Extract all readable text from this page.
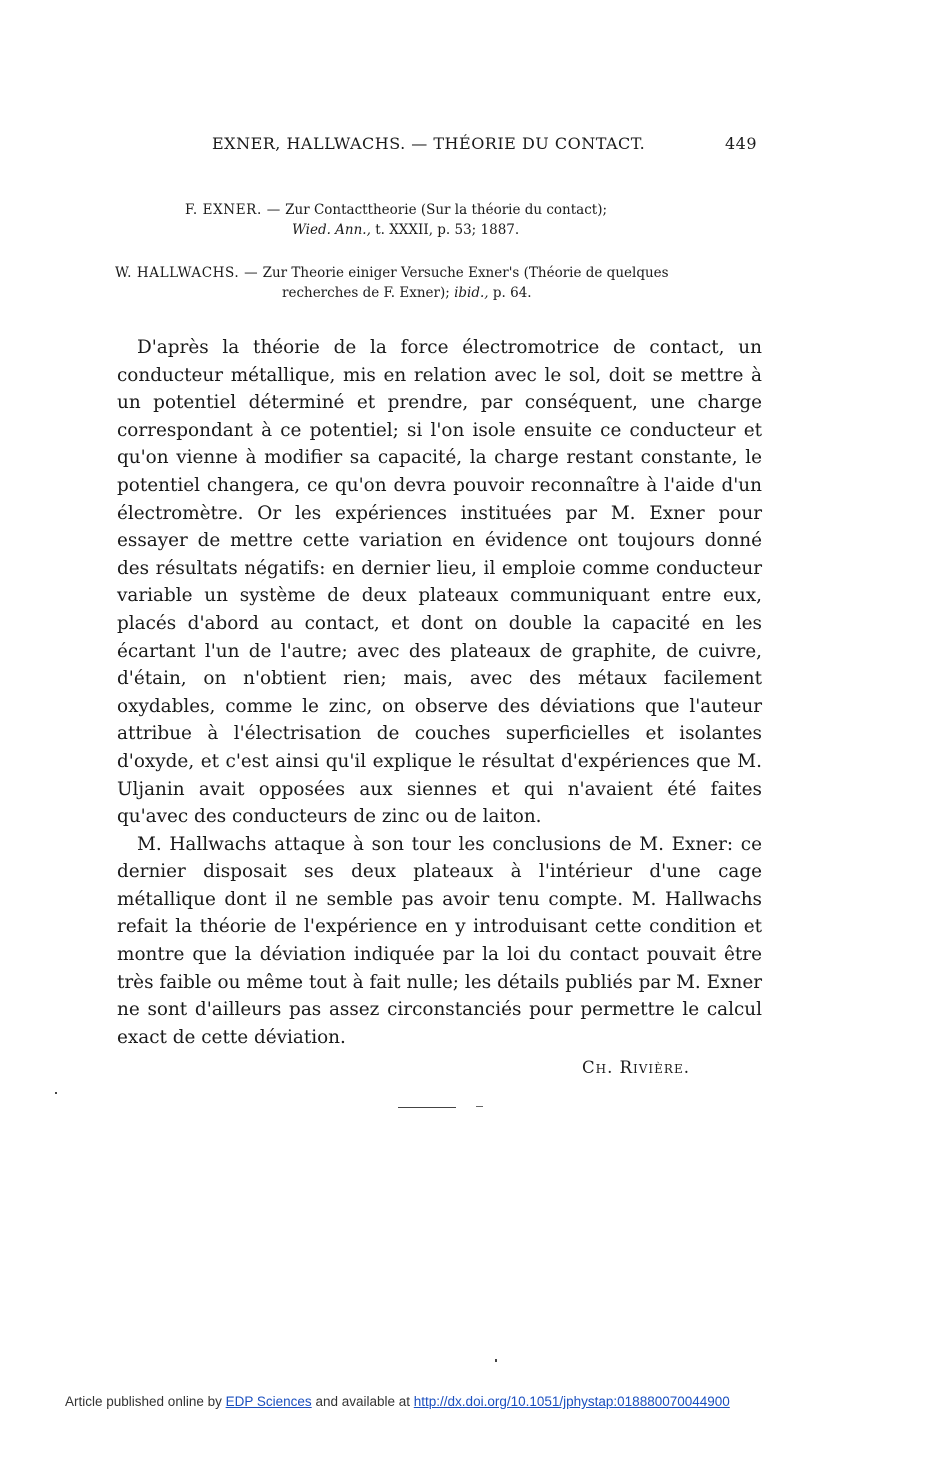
EXNER, HALLWACHS. — THÉORIE DU CONTACT.	449
F. EXNER. — Zur Contacttheorie (Sur la théorie du contact);
Wied. Ann., t. XXXII, p. 53; 1887.
W. HALLWACHS. — Zur Theorie einiger Versuche Exner's (Théorie de quelques
recherches de F. Exner); ibid., p. 64.

D'après la théorie de la force électromotrice de contact, un conducteur métallique, mis en relation avec le sol, doit se mettre à un potentiel déterminé et prendre, par conséquent, une charge correspondant à ce potentiel; si l'on isole ensuite ce conducteur et qu'on vienne à modifier sa capacité, la charge restant constante, le potentiel changera, ce qu'on devra pouvoir reconnaître à l'aide d'un électromètre. Or les expériences instituées par M. Exner pour essayer de mettre cette variation en évidence ont toujours donné des résultats négatifs: en dernier lieu, il emploie comme conducteur variable un système de deux plateaux communiquant entre eux, placés d'abord au contact, et dont on double la capacité en les écartant l'un de l'autre; avec des plateaux de graphite, de cuivre, d'étain, on n'obtient rien; mais, avec des métaux facilement oxydables, comme le zinc, on observe des déviations que l'auteur attribue à l'électrisation de couches superficielles et isolantes d'oxyde, et c'est ainsi qu'il explique le résultat d'expériences que M. Uljanin avait opposées aux siennes et qui n'avaient été faites qu'avec des conducteurs de zinc ou de laiton.

M. Hallwachs attaque à son tour les conclusions de M. Exner: ce dernier disposait ses deux plateaux à l'intérieur d'une cage métallique dont il ne semble pas avoir tenu compte. M. Hallwachs refait la théorie de l'expérience en y introduisant cette condition et montre que la déviation indiquée par la loi du contact pouvait être très faible ou même tout à fait nulle; les détails publiés par M. Exner ne sont d'ailleurs pas assez circonstanciés pour permettre le calcul exact de cette déviation.

Ch. Rivière.
Article published online by EDP Sciences and available at http://dx.doi.org/10.1051/jphystap:018880070044900
